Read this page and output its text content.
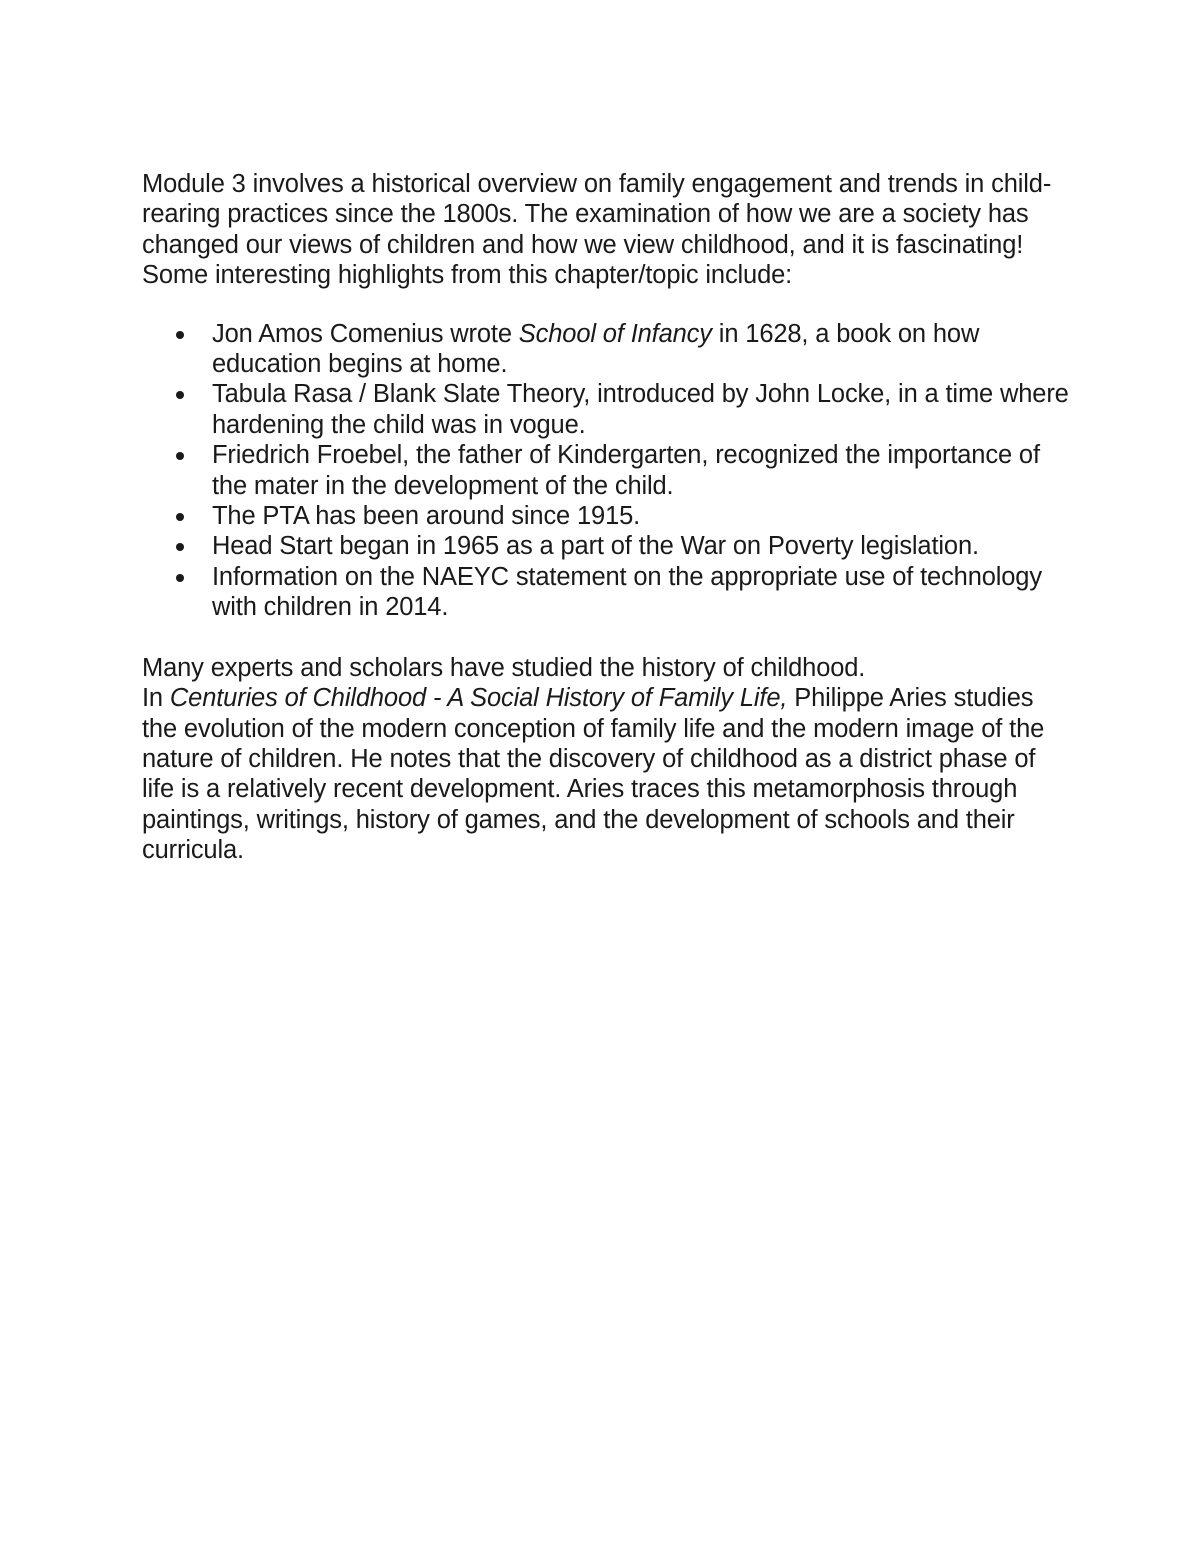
Module 3 involves a historical overview on family engagement and trends in child-rearing practices since the 1800s. The examination of how we are a society has changed our views of children and how we view childhood, and it is fascinating! Some interesting highlights from this chapter/topic include:

Jon Amos Comenius wrote School of Infancy in 1628, a book on how education begins at home.
Tabula Rasa / Blank Slate Theory, introduced by John Locke, in a time where hardening the child was in vogue.
Friedrich Froebel, the father of Kindergarten, recognized the importance of the mater in the development of the child.
The PTA has been around since 1915.
Head Start began in 1965 as a part of the War on Poverty legislation.
Information on the NAEYC statement on the appropriate use of technology with children in 2014.

Many experts and scholars have studied the history of childhood.

In Centuries of Childhood - A Social History of Family Life, Philippe Aries studies the evolution of the modern conception of family life and the modern image of the nature of children. He notes that the discovery of childhood as a district phase of life is a relatively recent development. Aries traces this metamorphosis through paintings, writings, history of games, and the development of schools and their curricula.
